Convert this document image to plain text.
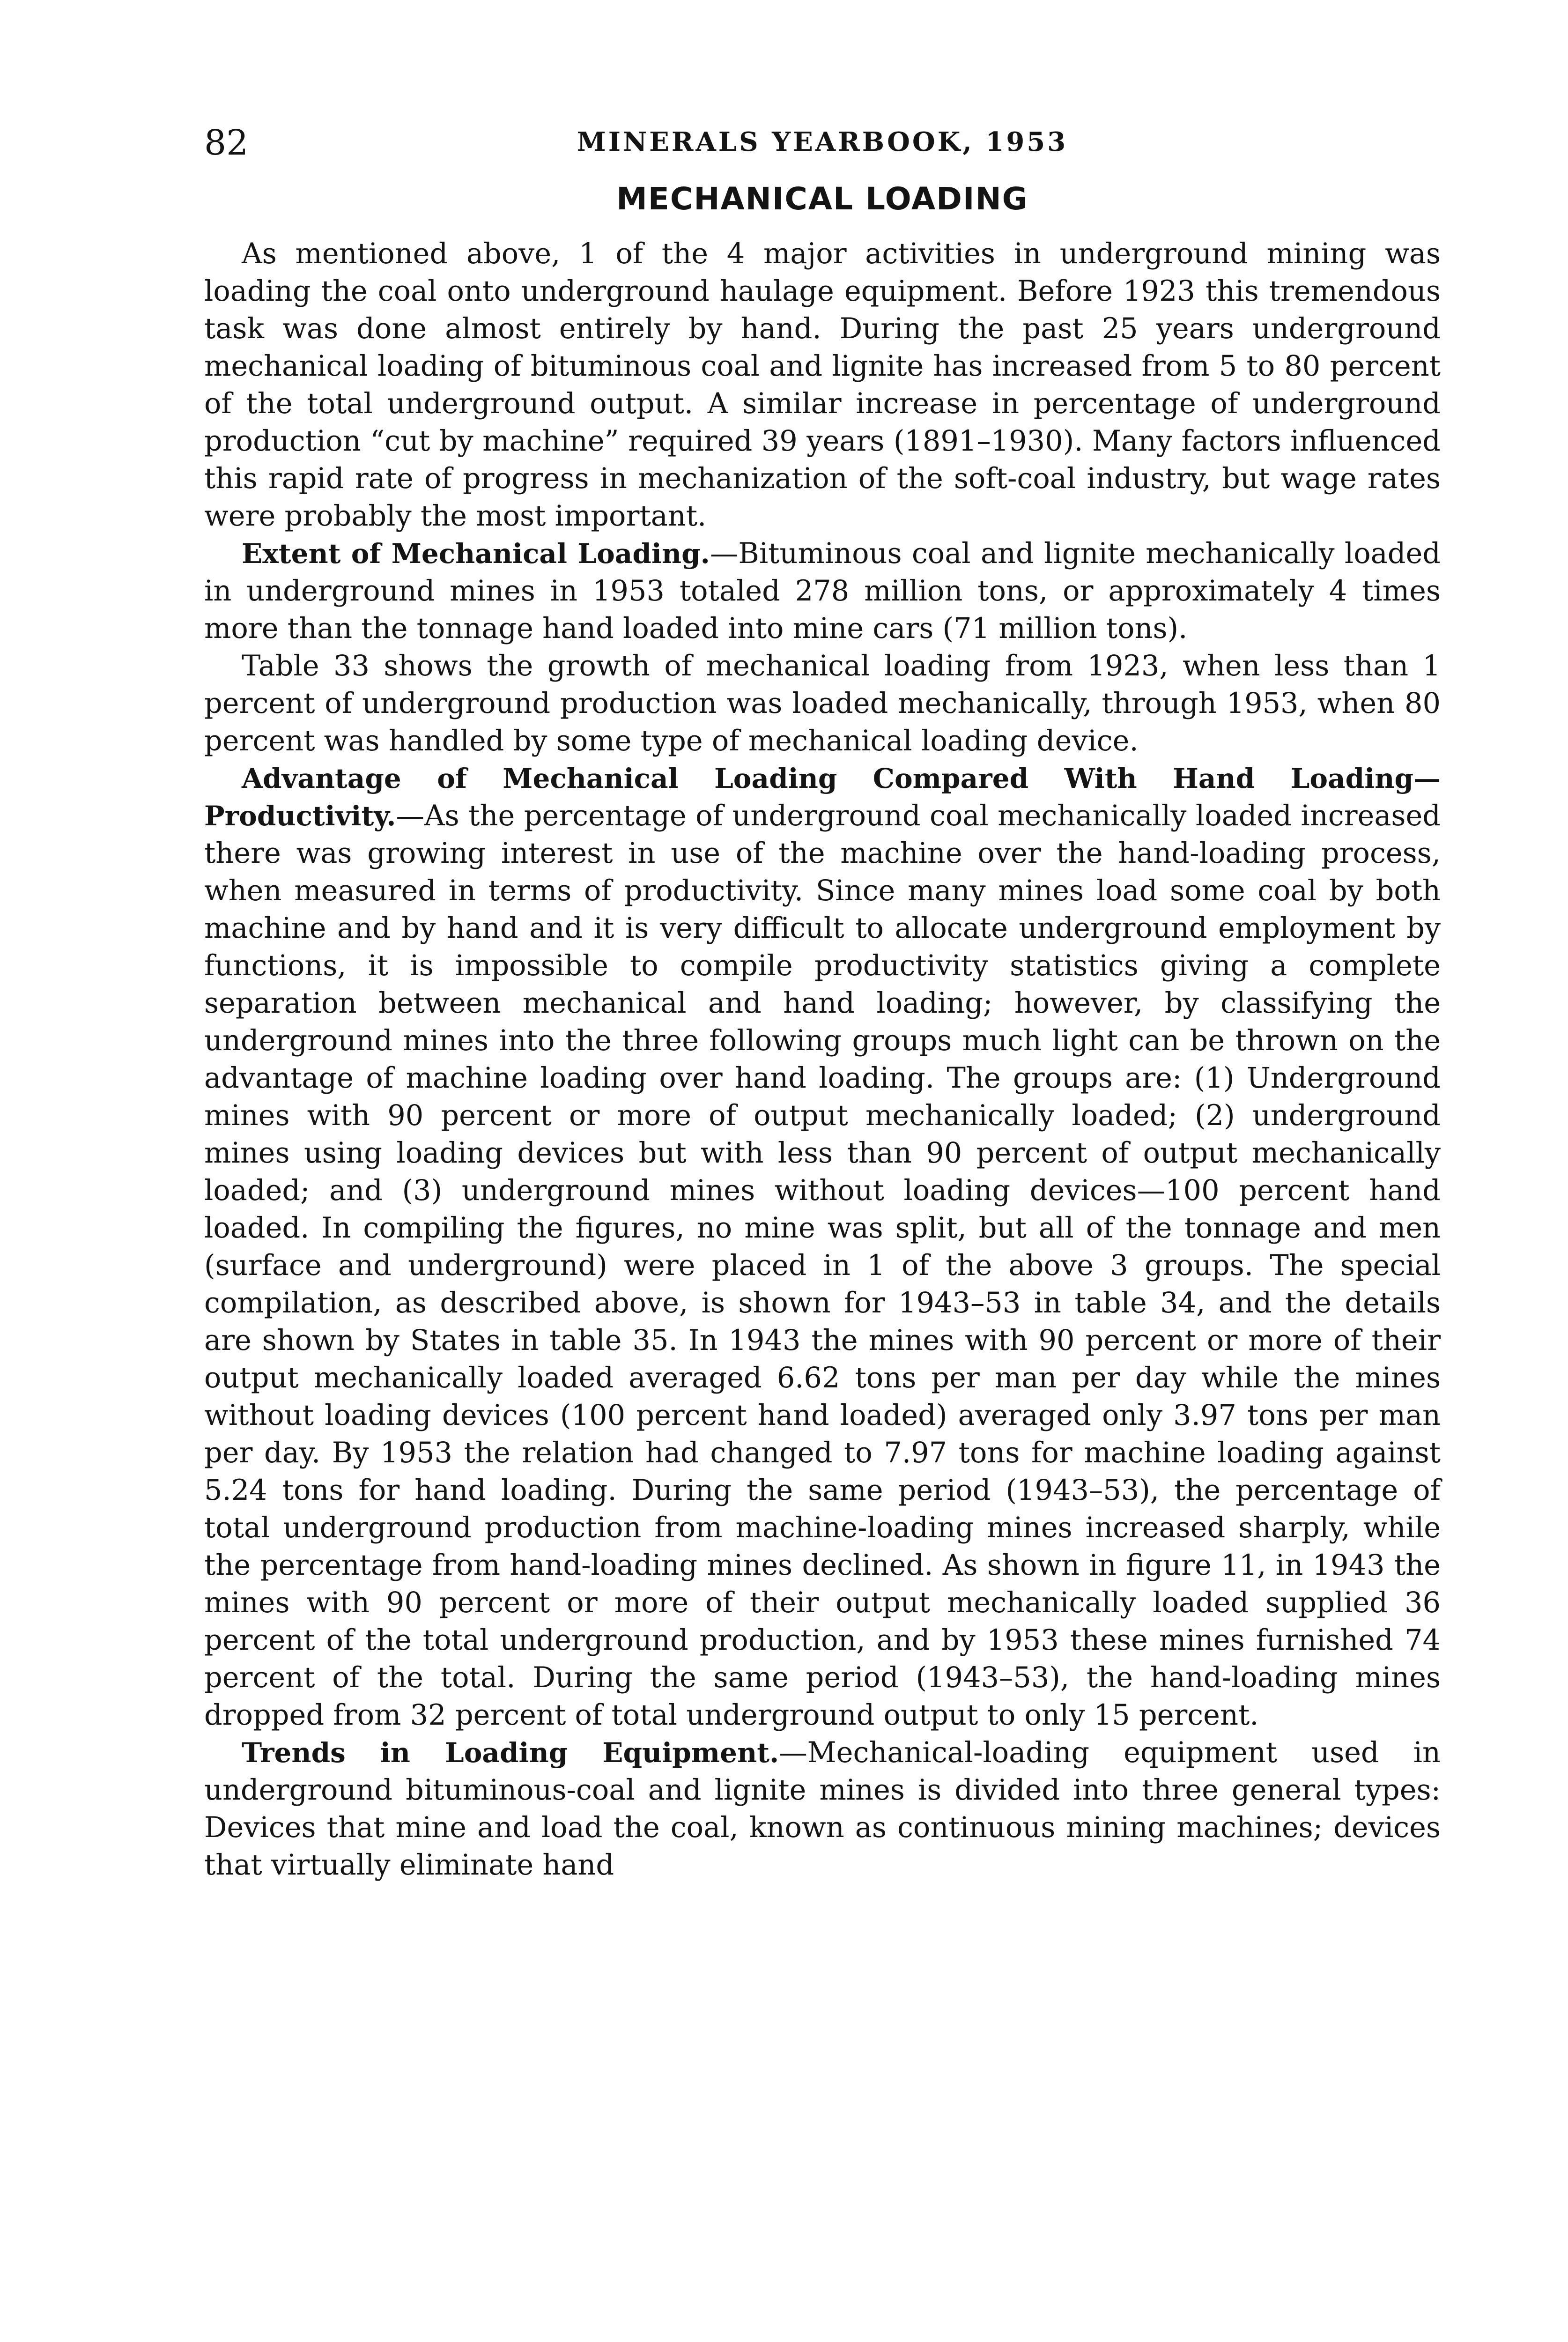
82	MINERALS YEARBOOK, 1953
MECHANICAL LOADING

As mentioned above, 1 of the 4 major activities in underground mining was loading the coal onto underground haulage equipment. Before 1923 this tremendous task was done almost entirely by hand. During the past 25 years underground mechanical loading of bituminous coal and lignite has increased from 5 to 80 percent of the total underground output. A similar increase in percentage of underground production “cut by machine” required 39 years (1891–1930). Many factors influenced this rapid rate of progress in mechanization of the soft-coal industry, but wage rates were probably the most important.

Extent of Mechanical Loading.—Bituminous coal and lignite mechanically loaded in underground mines in 1953 totaled 278 million tons, or approximately 4 times more than the tonnage hand loaded into mine cars (71 million tons).

Table 33 shows the growth of mechanical loading from 1923, when less than 1 percent of underground production was loaded mechanically, through 1953, when 80 percent was handled by some type of mechanical loading device.

Advantage of Mechanical Loading Compared With Hand Loading—Productivity.—As the percentage of underground coal mechanically loaded increased there was growing interest in use of the machine over the hand-loading process, when measured in terms of productivity. Since many mines load some coal by both machine and by hand and it is very difficult to allocate underground employment by functions, it is impossible to compile productivity statistics giving a complete separation between mechanical and hand loading; however, by classifying the underground mines into the three following groups much light can be thrown on the advantage of machine loading over hand loading. The groups are: (1) Underground mines with 90 percent or more of output mechanically loaded; (2) underground mines using loading devices but with less than 90 percent of output mechanically loaded; and (3) underground mines without loading devices—100 percent hand loaded. In compiling the figures, no mine was split, but all of the tonnage and men (surface and underground) were placed in 1 of the above 3 groups. The special compilation, as described above, is shown for 1943–53 in table 34, and the details are shown by States in table 35. In 1943 the mines with 90 percent or more of their output mechanically loaded averaged 6.62 tons per man per day while the mines without loading devices (100 percent hand loaded) averaged only 3.97 tons per man per day. By 1953 the relation had changed to 7.97 tons for machine loading against 5.24 tons for hand loading. During the same period (1943–53), the percentage of total underground production from machine-loading mines increased sharply, while the percentage from hand-loading mines declined. As shown in figure 11, in 1943 the mines with 90 percent or more of their output mechanically loaded supplied 36 percent of the total underground production, and by 1953 these mines furnished 74 percent of the total. During the same period (1943–53), the hand-loading mines dropped from 32 percent of total underground output to only 15 percent.

Trends in Loading Equipment.—Mechanical-loading equipment used in underground bituminous-coal and lignite mines is divided into three general types: Devices that mine and load the coal, known as continuous mining machines; devices that virtually eliminate hand
